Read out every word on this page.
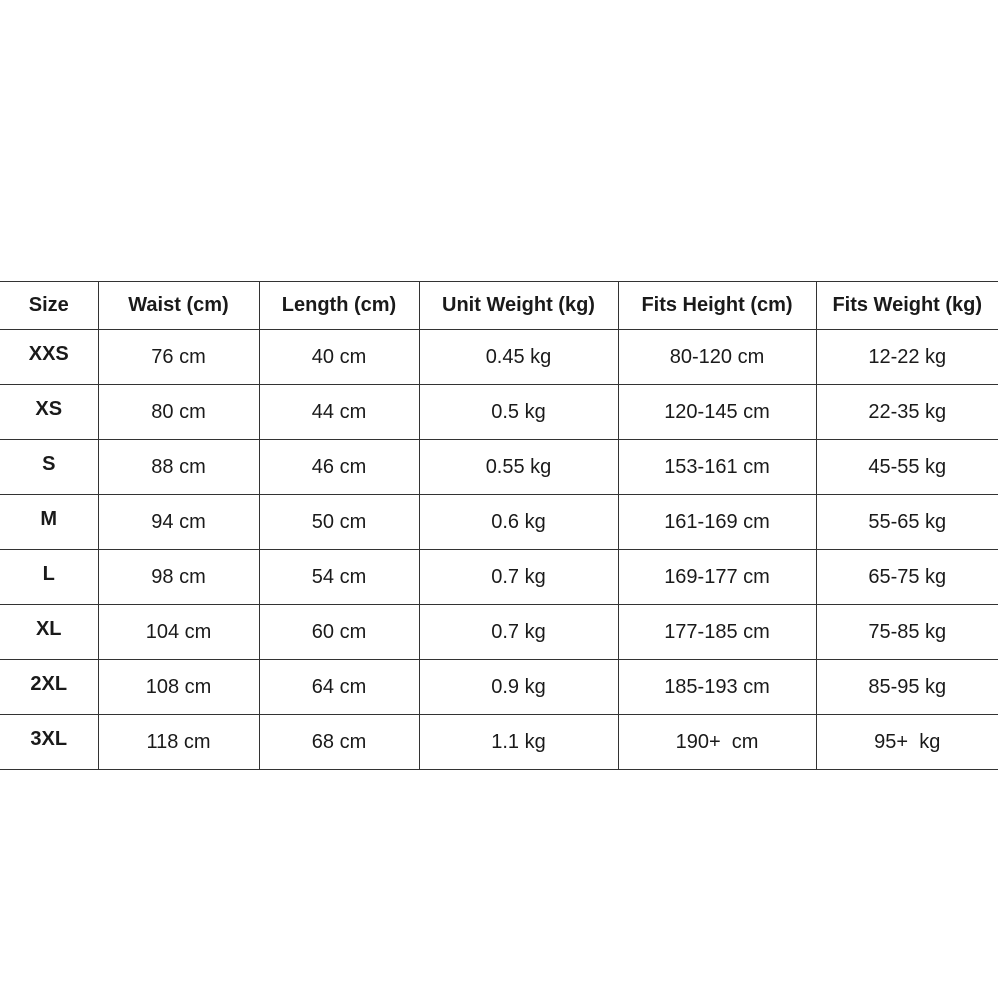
Size	Waist (cm)	Length (cm)	Unit Weight (kg)	Fits Height (cm)	Fits Weight (kg)
XXS	76 cm	40 cm	0.45 kg	80-120 cm	12-22 kg
XS	80 cm	44 cm	0.5 kg	120-145 cm	22-35 kg
S	88 cm	46 cm	0.55 kg	153-161 cm	45-55 kg
M	94 cm	50 cm	0.6 kg	161-169 cm	55-65 kg
L	98 cm	54 cm	0.7 kg	169-177 cm	65-75 kg
XL	104 cm	60 cm	0.7 kg	177-185 cm	75-85 kg
2XL	108 cm	64 cm	0.9 kg	185-193 cm	85-95 kg
3XL	118 cm	68 cm	1.1 kg	190+  cm	95+  kg
